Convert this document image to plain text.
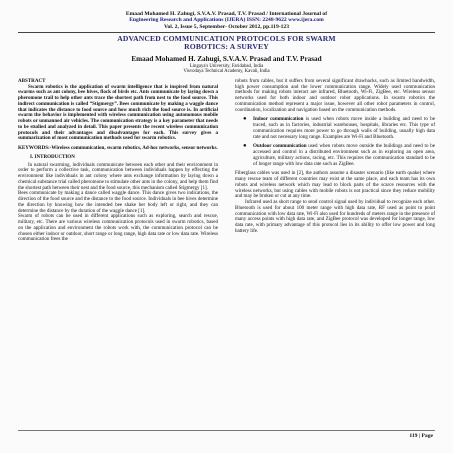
Emaad Mohamed H. Zahugi, S.V.A.V. Prasad, T.V. Prasad / International Journal of
Engineering Research and Applications (IJERA) ISSN: 2248-9622 www.ijera.com
Vol. 2, Issue 5, September- October 2012, pp.119-123
ADVANCED COMMUNICATION PROTOCOLS FOR SWARM
ROBOTICS: A SURVEY
Emaad Mohamed H. Zahugi, S.V.A.V. Prasad and T.V. Prasad
Lingaya's University, Faridabad, India
Visvodaya Technical Academy, Kavali, India
ABSTRACT

Swarm robotics is the application of swarm intelligence that is inspired from natural swarms such as ant colony, bee hives, flock of birds etc. Ants communicate by laying down a pheromone trail to help other ants trace the shortest path from nest to the food source. This indirect communication is called “Stigmergy”. Bees communicate by making a waggle dance that indicates the distance to food source and how much rich the food source is. In artificial swarm the behavior is implemented with wireless communication using autonomous mobile robots or unmanned air vehicles. The communication strategy is a key parameter that needs to be studied and analyzed in detail. This paper presents the recent wireless communication protocols and their advantages and disadvantages for each. This survey gives a summarization of most communication methods used for swarm robotics.

KEYWORDS:-Wireless communication, swarm robotics, Ad-hoc networks, sensor networks.

I. INTRODUCTION

In natural swarming, individuals communicate between each other and their environment in order to perform a collective task, communication between individuals happen by effecting the environment like individuals in ant colony where ants exchange information by laying down a chemical substance trial called pheromone to stimulate other ants in the colony, and help them find the shortest path between their nest and the food source, this mechanism called Stigmergy [1].

Bees communicate by making a dance called waggle dance. This dance gives two indications, the direction of the food source and the distance to the food source. Individuals in bee hives determine the direction by knowing how the intended bee shake her body left or right, and they can determine the distance by the duration of the waggle dance [1].

Swarm of robots can be used in different applications such as exploring, search and rescue, military, etc. There are various wireless communication protocols used in swarm robotics, based on the application and environment the robots work with, the communication protocol can be chosen either indoor or outdoor, short range or long range, high data rate or low data rate. Wireless communication frees the

robots from cables, but it suffers from several significant drawbacks, such as limited bandwidth, high power consumption and the lower communication range. Widely used communication methods for making robots interact are infrared, Bluetooth, Wi-Fi, ZigBee, etc. Wireless sensor networks used for both indoor and outdoor robot applications. In swarm robotics the communication method represent a major issue, however all other robot parameters in control, coordination, localization and navigation based on the communication methods.

●	Indoor communication is used when robots move inside a building and need to be traced, such as in factories, industrial warehouses, hospitals, libraries etc. This type of communication requires more power to go through walls of building, usually high data rate and not necessary long range. Examples are Wi-Fi and Bluetooth.
●	Outdoor communication used when robots move outside the buildings and need to be accessed and control in a distributed environment such as in exploring an open area, agriculture, military actions, racing, etc. This requires the communication standard to be of longer range with low data rate such as ZigBee.

Fiberglass cables was used in [2], the authors assume a disaster scenario (like earth quake) where many rescue team of different countries may exist at the same place, and each team has its own robots and wireless network which may lead to block parts of the scarce resources with the wireless networks, but using cables with mobile robots is not practical since they reduce mobility and may be broken or cut at any time.

Infrared used as short range to send control signal used by individual to recognize each other. Bluetooth is used for about 100 meter range with high data rate, RF used as point to point communication with low data rate, Wi-Fi also used for hundreds of meters range in the presence of many access points with high data rate, and ZigBee protocol was developed for longer range, low data rate, with primary advantage of this protocol lies in its ability to offer low power and long battery life.

119 | Page
